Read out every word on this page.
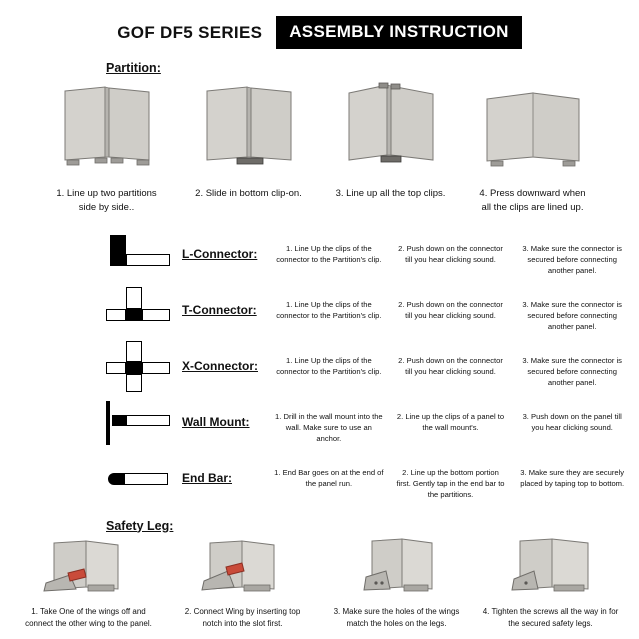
GOF DF5 SERIES	ASSEMBLY INSTRUCTION
Partition:
1. Line up two partitions side by side..
2. Slide in bottom clip-on.	3. Line up all the top clips.	4. Press downward when all the clips are lined up.
L-Connector:	1. Line Up the clips of the connector to the Partition's clip.
2. Push down on the connector till you hear clicking sound.
3. Make sure the connector is secured before connecting another panel.
T-Connector:	1. Line Up the clips of the connector to the Partition's clip.
2. Push down on the connector till you hear clicking sound.
3. Make sure the connector is secured before connecting another panel.
X-Connector:	1. Line Up the clips of the connector to the Partition's clip.
2. Push down on the connector till you hear clicking sound.
3. Make sure the connector is secured before connecting another panel.
Wall Mount:	1. Drill in the wall mount into the wall. Make sure to use an anchor.
2. Line up the clips of a panel to the wall mount's.
3. Push down on the panel till you hear clicking sound.
End Bar:	1. End Bar goes on at the end of the panel run.
2. Line up the bottom portion first. Gently tap in the end bar to the partitions.
3. Make sure they are securely placed by taping top to bottom.
Safety Leg:
1. Take One of the wings off and connect the other wing to the panel.
2. Connect Wing by inserting top notch into the slot first.
3. Make sure the holes of the wings match the holes on the legs.
4. Tighten the screws all the way in for the secured safety legs.
